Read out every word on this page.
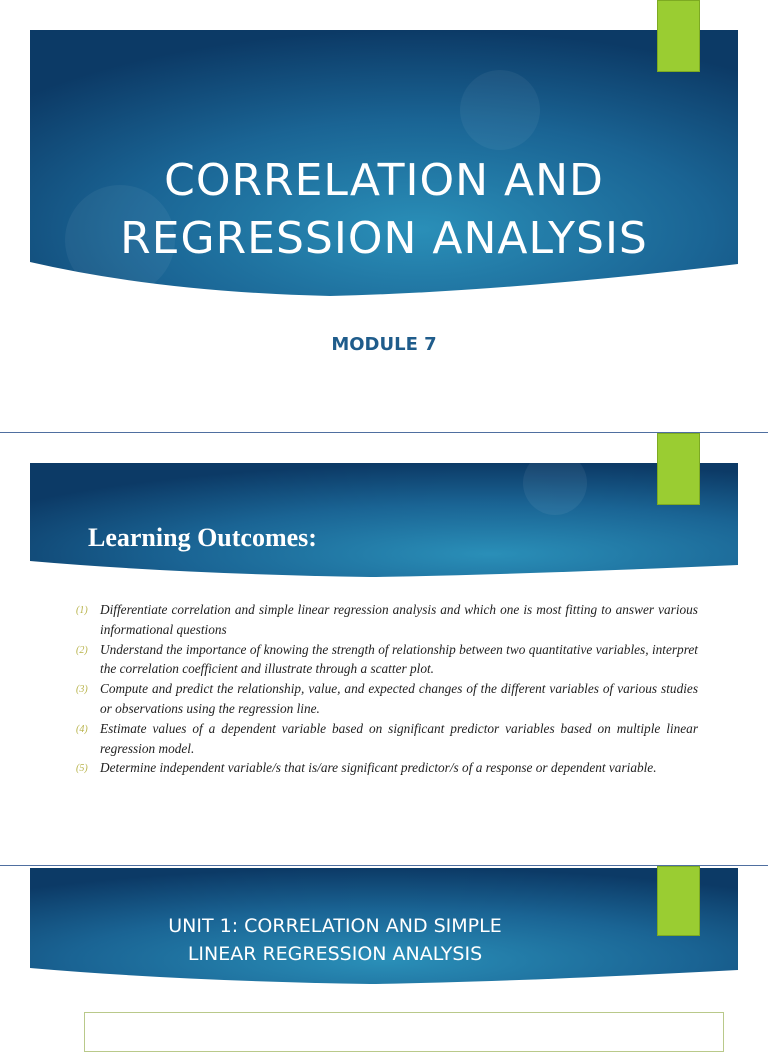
CORRELATION AND
REGRESSION ANALYSIS
MODULE 7
Learning Outcomes:
(1) Differentiate correlation and simple linear regression analysis and which one is most fitting to answer various informational questions
(2) Understand the importance of knowing the strength of relationship between two quantitative variables, interpret the correlation coefficient and illustrate through a scatter plot.
(3) Compute and predict the relationship, value, and expected changes of the different variables of various studies or observations using the regression line.
(4) Estimate values of a dependent variable based on significant predictor variables based on multiple linear regression model.
(5) Determine independent variable/s that is/are significant predictor/s of a response or dependent variable.
UNIT 1: CORRELATION AND SIMPLE
LINEAR REGRESSION ANALYSIS
